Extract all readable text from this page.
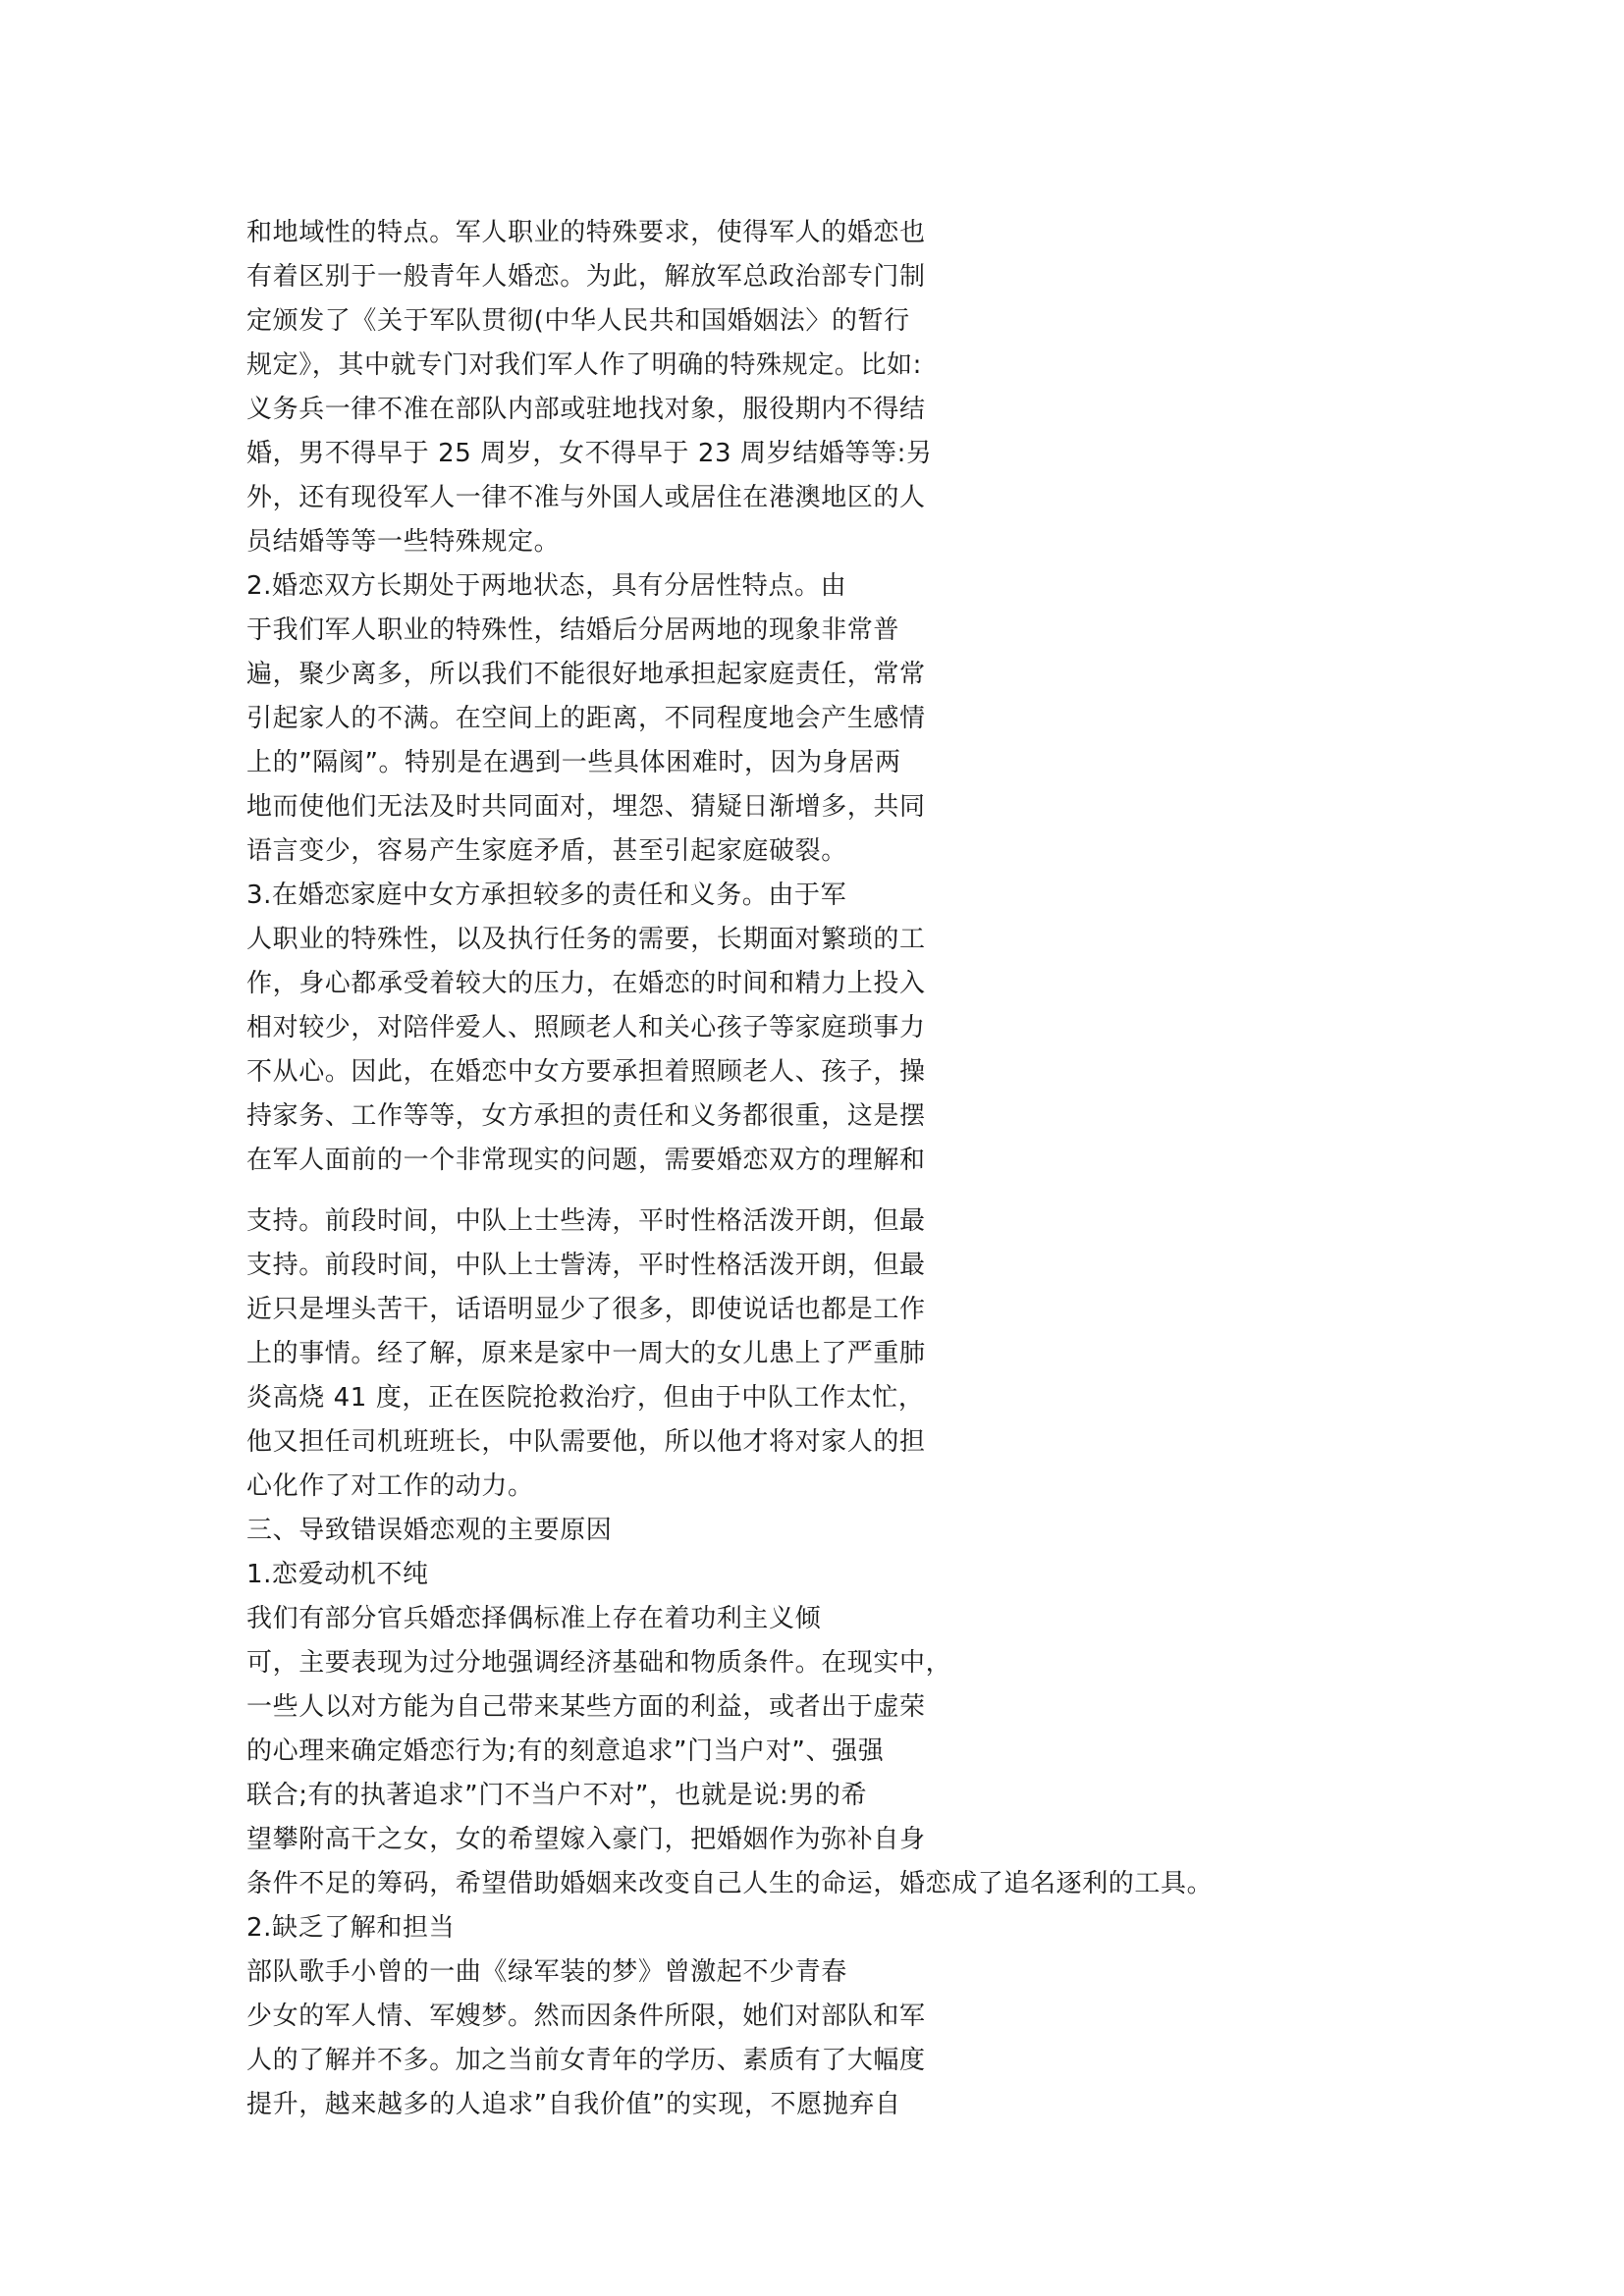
和地域性的特点。军人职业的特殊要求，使得军人的婚恋也
有着区别于一般青年人婚恋。为此，解放军总政治部专门制
定颁发了《关于军队贯彻(中华人民共和国婚姻法〉的暂行
规定》，其中就专门对我们军人作了明确的特殊规定。比如:
义务兵一律不准在部队内部或驻地找对象，服役期内不得结
婚，男不得早于 25 周岁，女不得早于 23 周岁结婚等等:另
外，还有现役军人一律不准与外国人或居住在港澳地区的人
员结婚等等一些特殊规定。
2.婚恋双方长期处于两地状态，具有分居性特点。由
于我们军人职业的特殊性，结婚后分居两地的现象非常普
遍，聚少离多，所以我们不能很好地承担起家庭责任，常常
引起家人的不满。在空间上的距离，不同程度地会产生感情
上的”隔阂”。特别是在遇到一些具体困难时，因为身居两
地而使他们无法及时共同面对，埋怨、猜疑日渐增多，共同
语言变少，容易产生家庭矛盾，甚至引起家庭破裂。
3.在婚恋家庭中女方承担较多的责任和义务。由于军
人职业的特殊性，以及执行任务的需要，长期面对繁琐的工
作，身心都承受着较大的压力，在婚恋的时间和精力上投入
相对较少，对陪伴爱人、照顾老人和关心孩子等家庭琐事力
不从心。因此，在婚恋中女方要承担着照顾老人、孩子，操
持家务、工作等等，女方承担的责任和义务都很重，这是摆
在军人面前的一个非常现实的问题，需要婚恋双方的理解和
支持。前段时间，中队上士些涛，平时性格活泼开朗，但最
支持。前段时间，中队上士訾涛，平时性格活泼开朗，但最
近只是埋头苦干，话语明显少了很多，即使说话也都是工作
上的事情。经了解，原来是家中一周大的女儿患上了严重肺
炎高烧 41 度，正在医院抢救治疗，但由于中队工作太忙，
他又担任司机班班长，中队需要他，所以他才将对家人的担
心化作了对工作的动力。
三、导致错误婚恋观的主要原因
1.恋爱动机不纯
我们有部分官兵婚恋择偶标准上存在着功利主义倾
可，主要表现为过分地强调经济基础和物质条件。在现实中，
一些人以对方能为自己带来某些方面的利益，或者出于虚荣
的心理来确定婚恋行为;有的刻意追求”门当户对”、强强
联合;有的执著追求”门不当户不对”，也就是说:男的希
望攀附高干之女，女的希望嫁入豪门，把婚姻作为弥补自身
条件不足的筹码，希望借助婚姻来改变自己人生的命运，婚恋成了追名逐利的工具。
2.缺乏了解和担当
部队歌手小曾的一曲《绿军装的梦》曾激起不少青春
少女的军人情、军嫂梦。然而因条件所限，她们对部队和军
人的了解并不多。加之当前女青年的学历、素质有了大幅度
提升，越来越多的人追求”自我价值”的实现，不愿抛弃自
